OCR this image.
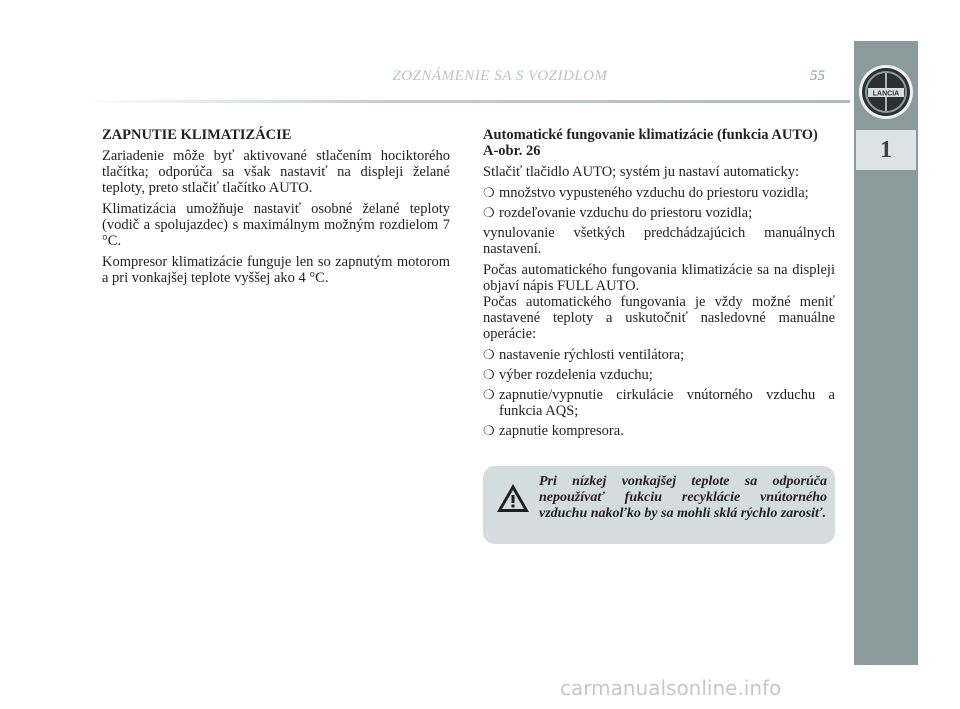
ZOZNÁMENIE SA S VOZIDLOM	55
LANCIA
1
ZAPNUTIE KLIMATIZÁCIE
Zariadenie môže byť aktivované stlačením hociktorého tlačítka; odporúča sa však nastaviť na displeji želané teploty, preto stlačiť tlačítko AUTO.
Klimatizácia umožňuje nastaviť osobné želané teploty (vodič a spolujazdec) s maximálnym možným rozdielom 7 °C.
Kompresor klimatizácie funguje len so zapnutým motorom a pri vonkajšej teplote vyššej ako 4 °C.
Automatické fungovanie klimatizácie (funkcia AUTO) A-obr. 26
Stlačiť tlačidlo AUTO; systém ju nastaví automaticky:
❍ množstvo vypusteného vzduchu do priestoru vozidla;
❍ rozdeľovanie vzduchu do priestoru vozidla;
vynulovanie všetkých predchádzajúcich manuálnych nastavení.
Počas automatického fungovania klimatizácie sa na displeji objaví nápis FULL AUTO.
Počas automatického fungovania je vždy možné meniť nastavené teploty a uskutočniť nasledovné manuálne operácie:
❍ nastavenie rýchlosti ventilátora;
❍ výber rozdelenia vzduchu;
❍ zapnutie/vypnutie cirkulácie vnútorného vzduchu a funkcia AQS;
❍ zapnutie kompresora.
Pri nízkej vonkajšej teplote sa odporúča nepoužívať fukciu recyklácie vnútorného vzduchu nakoľko by sa mohli sklá rýchlo zarosiť.
carmanualsonline.info
